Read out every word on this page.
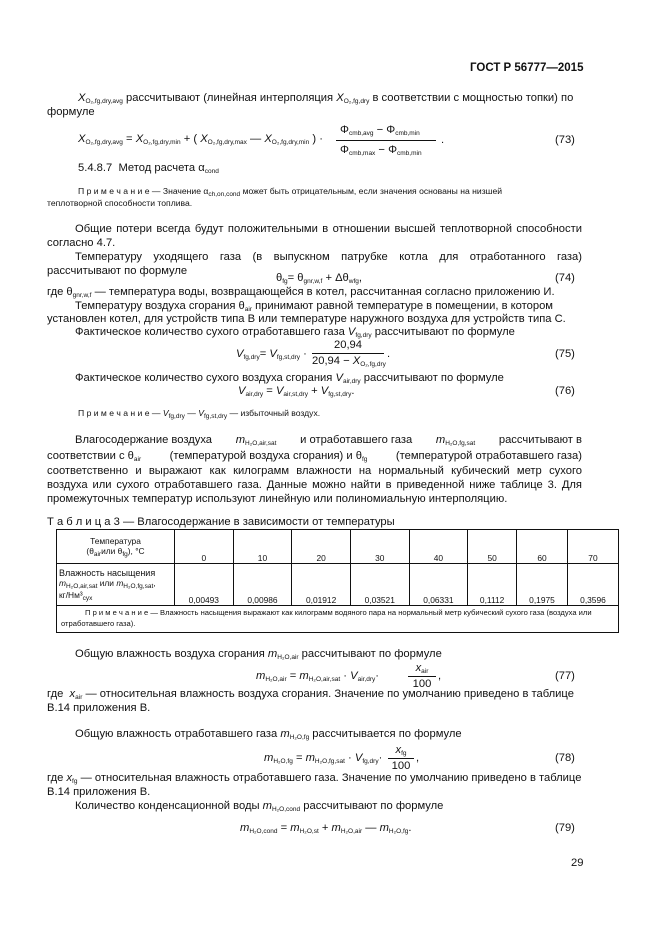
ГОСТ Р 56777—2015
$X_{O_2,fg,dry,avg}$ рассчитывают (линейная интерполяция $X_{O_2,fg,dry}$ в соответствии с мощностью топки) по
формуле
$X_{O_2,fg,dry,avg} = X_{O_2,fg,dry,min}$ + ( $X_{O_2,fg,dry,max}$ — $X_{O_2,fg,dry,min}$ ) ·
$\Phi_{cmb,avg} - \Phi_{cmb,min}$
$\Phi_{cmb,max} - \Phi_{cmb,min}$
.	(73)
5.4.8.7 Метод расчета $\alpha_{cond}$
П р и м е ч а н и е — Значение $\alpha_{ch,on,cond}$ может быть отрицательным, если значения основаны на низшей
теплотворной способности топлива.
Общие потери всегда будут положительными в отношении высшей теплотворной способности согласно 4.7.
Температуру уходящего газа (в выпускном патрубке котла для отработанного газа) рассчитывают по формуле
$\theta_{fg}= \theta_{gnr,w,f} + \Delta\theta_{wfg}$,	(74)
где $\theta_{gnr,w,f}$ — температура воды, возвращающейся в котел, рассчитанная согласно приложению И.
Температуру воздуха сгорания $\theta_{air}$ принимают равной температуре в помещении, в котором
установлен котел, для устройств типа В или температуре наружного воздуха для устройств типа С.
Фактическое количество сухого отработавшего газа $V_{fg,dry}$ рассчитывают по формуле
$V_{fg,dry}= V_{fg,st,dry}$ ·
20,94
$20,94 - X_{O_2,fg,dry}$
.	(75)
Фактическое количество сухого воздуха сгорания $V_{air,dry}$ рассчитывают по формуле
$V_{air,dry} = V_{air,st,dry} + V_{fg,st,dry}$.	(76)
П р и м е ч а н и е — $V_{fg,dry}$ — $V_{fg,st,dry}$ — избыточный воздух.
Влагосодержание воздуха $m_{H_2O,air,sat}$ и отработавшего газа $m_{H_2O,fg,sat}$ рассчитывают в
соответствии с $\theta_{air}$	(температурой воздуха сгорания) и $\theta_{fg}$	(температурой отработавшего газа)
соответственно и выражают как килограмм влажности на нормальный кубический метр сухого воздуха или сухого отработавшего газа. Данные можно найти в приведенной ниже таблице 3. Для промежуточных температур используют линейную или полиномиальную интерполяцию.
Т а б л и ц а 3 — Влагосодержание в зависимости от температуры
Температура
($\theta_{air}или$ $\theta_{fg}$), °C	0	10	20	30	40	50	60	70

Влажность насыщения
$m_{H_2O,air,sat}$ или $m_{H_2O,fg,sat}$,
$кг/Нм^3_{сух}$	0,00493	0,00986	0,01912	0,03521	0,06331	0,1112	0,1975	0,3596
П р и м е ч а н и е — Влажность насыщения выражают как килограмм водяного пара на нормальный метр кубический сухого газа (воздуха или отработавшего газа).								
Общую влажность воздуха сгорания $m_{H_2O,air}$ рассчитывают по формуле
$m_{H_2O,air} = m_{H_2O,air,sat} \cdot V_{air,dry}\cdot$
$x_{air}$
100
,	(77)
где $x_{air}$ — относительная влажность воздуха сгорания. Значение по умолчанию приведено в таблице
В.14 приложения В.
Общую влажность отработавшего газа $m_{H_2O,fg}$ рассчитывается по формуле
$m_{H_2O,fg} = m_{H_2O,fg,sat} \cdot V_{fg,dry}\cdot$
$x_{fg}$
100
,	(78)
где $x_{fg}$ — относительная влажность отработавшего газа. Значение по умолчанию приведено в таблице
В.14 приложения В.
Количество конденсационной воды $m_{H_2O,cond}$ рассчитывают по формуле
$m_{H_2O,cond} = m_{H_2O,st} + m_{H_2O,air}$ — $m_{H_2O,fg}$.	(79)
29
